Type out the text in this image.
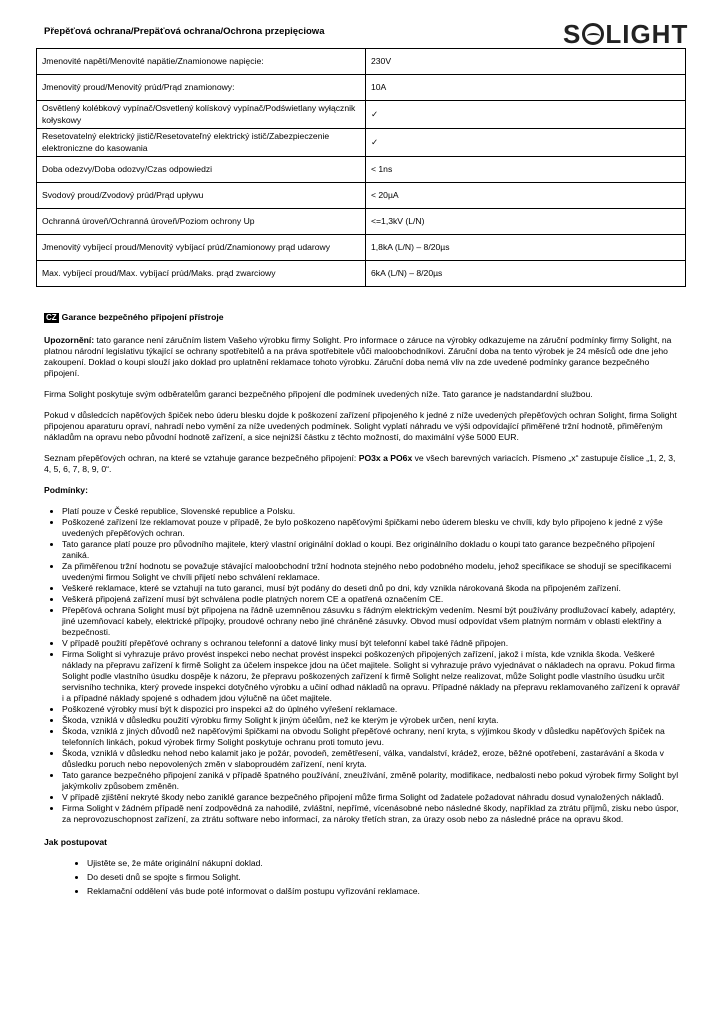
Přepěťová ochrana/Prepäťová ochrana/Ochrona przepięciowa	S LIGHT
Jmenovité napětí/Menovité napätie/Znamionowe napięcie:	230V
Jmenovitý proud/Menovitý prúd/Prąd znamionowy:	10A
Osvětlený kolébkový vypínač/Osvetlený kolískový vypínač/Podświetlany wyłącznik kołyskowy	✓
Resetovatelný elektrický jistič/Resetovateľný elektrický istič/Zabezpieczenie elektroniczne do kasowania	✓
Doba odezvy/Doba odozvy/Czas odpowiedzi	< 1ns
Svodový proud/Zvodový prúd/Prąd upływu	< 20µA
Ochranná úroveň/Ochranná úroveň/Poziom ochrony Up	<=1,3kV (L/N)
Jmenovitý vybíjecí proud/Menovitý vybíjací prúd/Znamionowy prąd udarowy	1,8kA (L/N) – 8/20µs
Max. vybíjecí proud/Max. vybíjací prúd/Maks. prąd zwarciowy	6kA (L/N) – 8/20µs
CZ Garance bezpečného připojení přístroje

Upozornění: tato garance není záručním listem Vašeho výrobku firmy Solight. Pro informace o záruce na výrobky odkazujeme na záruční podmínky firmy Solight, na platnou národní legislativu týkající se ochrany spotřebitelů a na práva spotřebitele vůči maloobchodníkovi. Záruční doba na tento výrobek je 24 měsíců ode dne jeho zakoupení. Doklad o koupi slouží jako doklad pro uplatnění reklamace tohoto výrobku. Záruční doba nemá vliv na zde uvedené podmínky garance bezpečného připojení.

Firma Solight poskytuje svým odběratelům garanci bezpečného připojení dle podmínek uvedených níže. Tato garance je nadstandardní službou.

Pokud v důsledcích napěťových špiček nebo úderu blesku dojde k poškození zařízení připojeného k jedné z níže uvedených přepěťových ochran Solight, firma Solight připojenou aparaturu opraví, nahradí nebo vymění za níže uvedených podmínek. Solight vyplatí náhradu ve výši odpovídající přiměřené tržní hodnotě, přiměřeným nákladům na opravu nebo původní hodnotě zařízení, a sice nejnižší částku z těchto možností, do maximální výše 5000 EUR.

Seznam přepěťových ochran, na které se vztahuje garance bezpečného připojení: PO3x a PO6x ve všech barevných variacích. Písmeno „x“ zastupuje číslice „1, 2, 3, 4, 5, 6, 7, 8, 9, 0“.

Podmínky:

• Platí pouze v České republice, Slovenské republice a Polsku.
• Poškozené zařízení lze reklamovat pouze v případě, že bylo poškozeno napěťovými špičkami nebo úderem blesku ve chvíli, kdy bylo připojeno k jedné z výše uvedených přepěťových ochran.
• Tato garance platí pouze pro původního majitele, který vlastní originální doklad o koupi. Bez originálního dokladu o koupi tato garance bezpečného připojení zaniká.
• Za přiměřenou tržní hodnotu se považuje stávající maloobchodní tržní hodnota stejného nebo podobného modelu, jehož specifikace se shodují se specifikacemi uvedenými firmou Solight ve chvíli přijetí nebo schválení reklamace.
• Veškeré reklamace, které se vztahují na tuto garanci, musí být podány do deseti dnů po dni, kdy vznikla nárokovaná škoda na připojeném zařízení.
• Veškerá připojená zařízení musí být schválena podle platných norem CE a opatřená označením CE.
• Přepěťová ochrana Solight musí být připojena na řádně uzemněnou zásuvku s řádným elektrickým vedením. Nesmí být používány prodlužovací kabely, adaptéry, jiné uzemňovací kabely, elektrické přípojky, proudové ochrany nebo jiné chráněné zásuvky. Obvod musí odpovídat všem platným normám v oblasti elektřiny a bezpečnosti.
• V případě použití přepěťové ochrany s ochranou telefonní a datové linky musí být telefonní kabel také řádně připojen.
• Firma Solight si vyhrazuje právo provést inspekci nebo nechat provést inspekci poškozených připojených zařízení, jakož i místa, kde vznikla škoda. Veškeré náklady na přepravu zařízení k firmě Solight za účelem inspekce jdou na účet majitele. Solight si vyhrazuje právo vyjednávat o nákladech na opravu. Pokud firma Solight podle vlastního úsudku dospěje k názoru, že přepravu poškozených zařízení k firmě Solight nelze realizovat, může Solight podle vlastního úsudku určit servisního technika, který provede inspekci dotyčného výrobku a učiní odhad nákladů na opravu. Případné náklady na přepravu reklamovaného zařízení k opravář i a případné náklady spojené s odhadem jdou výlučně na účet majitele.
• Poškozené výrobky musí být k dispozici pro inspekci až do úplného vyřešení reklamace.
• Škoda, vzniklá v důsledku použití výrobku firmy Solight k jiným účelům, než ke kterým je výrobek určen, není kryta.
• Škoda, vzniklá z jiných důvodů než napěťovými špičkami na obvodu Solight přepěťové ochrany, není kryta, s výjimkou škody v důsledku napěťových špiček na telefonních linkách, pokud výrobek firmy Solight poskytuje ochranu proti tomuto jevu.
• Škoda, vzniklá v důsledku nehod nebo kalamit jako je požár, povodeň, zemětřesení, válka, vandalství, krádež, eroze, běžné opotřebení, zastarávání a škoda v důsledku poruch nebo nepovolených změn v slaboproudém zařízení, není kryta.
• Tato garance bezpečného připojení zaniká v případě špatného používání, zneužívání, změně polarity, modifikace, nedbalosti nebo pokud výrobek firmy Solight byl jakýmkoliv způsobem změněn.
• V případě zjištění nekryté škody nebo zaniklé garance bezpečného připojení může firma Solight od žadatele požadovat náhradu dosud vynaložených nákladů.
• Firma Solight v žádném případě není zodpovědná za nahodilé, zvláštní, nepřímé, vícenásobné nebo následné škody, například za ztrátu příjmů, zisku nebo úspor, za neprovozuschopnost zařízení, za ztrátu software nebo informací, za nároky třetích stran, za úrazy osob nebo za následné práce na opravu škod.

Jak postupovat

• Ujistěte se, že máte originální nákupní doklad.
• Do deseti dnů se spojte s firmou Solight.
• Reklamační oddělení vás bude poté informovat o dalším postupu vyřizování reklamace.
